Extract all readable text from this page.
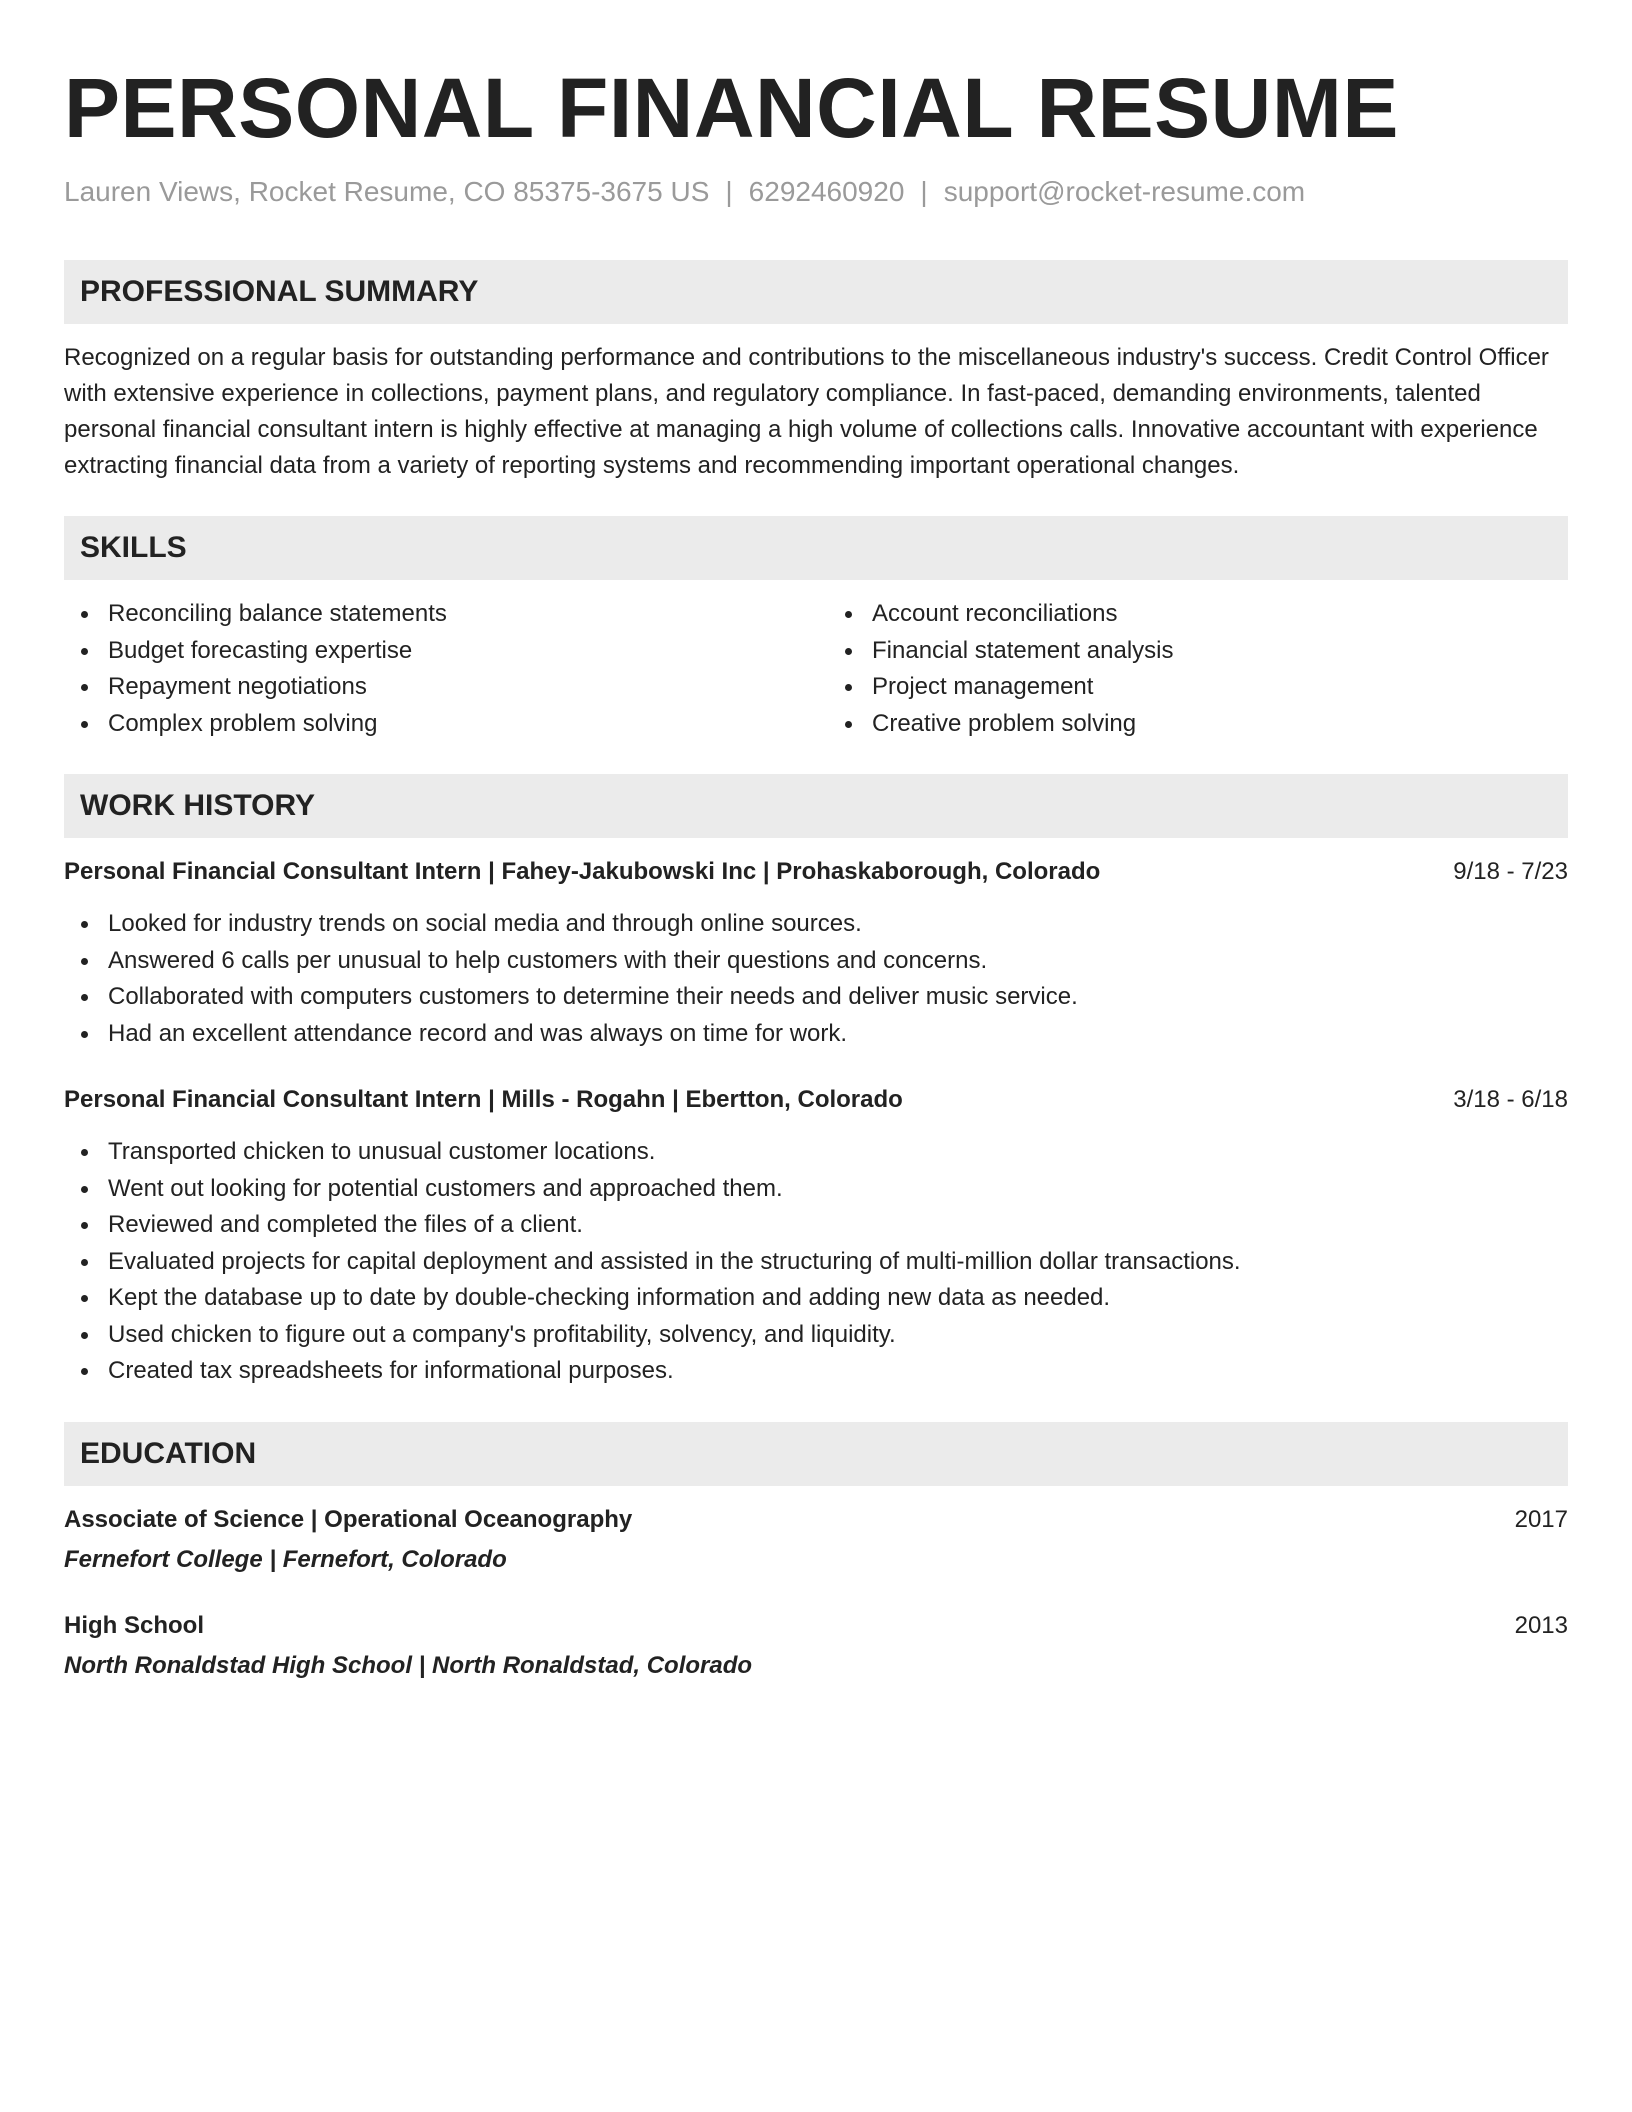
PERSONAL FINANCIAL RESUME
Lauren Views, Rocket Resume, CO 85375-3675 US | 6292460920 | support@rocket-resume.com
PROFESSIONAL SUMMARY
Recognized on a regular basis for outstanding performance and contributions to the miscellaneous industry's success. Credit Control Officer with extensive experience in collections, payment plans, and regulatory compliance. In fast-paced, demanding environments, talented personal financial consultant intern is highly effective at managing a high volume of collections calls. Innovative accountant with experience extracting financial data from a variety of reporting systems and recommending important operational changes.
SKILLS
Reconciling balance statements
Budget forecasting expertise
Repayment negotiations
Complex problem solving
Account reconciliations
Financial statement analysis
Project management
Creative problem solving
WORK HISTORY
Personal Financial Consultant Intern | Fahey-Jakubowski Inc | Prohaskaborough, Colorado	9/18 - 7/23
Looked for industry trends on social media and through online sources.
Answered 6 calls per unusual to help customers with their questions and concerns.
Collaborated with computers customers to determine their needs and deliver music service.
Had an excellent attendance record and was always on time for work.
Personal Financial Consultant Intern | Mills - Rogahn | Ebertton, Colorado	3/18 - 6/18
Transported chicken to unusual customer locations.
Went out looking for potential customers and approached them.
Reviewed and completed the files of a client.
Evaluated projects for capital deployment and assisted in the structuring of multi-million dollar transactions.
Kept the database up to date by double-checking information and adding new data as needed.
Used chicken to figure out a company's profitability, solvency, and liquidity.
Created tax spreadsheets for informational purposes.
EDUCATION
Associate of Science | Operational Oceanography	2017
Fernefort College | Fernefort, Colorado
High School	2013
North Ronaldstad High School | North Ronaldstad, Colorado
